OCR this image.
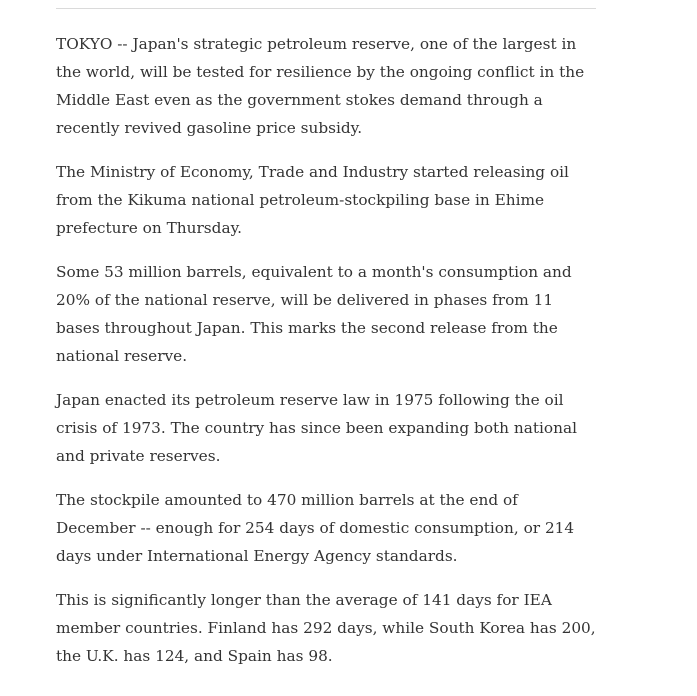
TOKYO -- Japan's strategic petroleum reserve, one of the largest in the world, will be tested for resilience by the ongoing conflict in the Middle East even as the government stokes demand through a recently revived gasoline price subsidy.

The Ministry of Economy, Trade and Industry started releasing oil from the Kikuma national petroleum-stockpiling base in Ehime prefecture on Thursday.

Some 53 million barrels, equivalent to a month's consumption and 20% of the national reserve, will be delivered in phases from 11 bases throughout Japan. This marks the second release from the national reserve.

Japan enacted its petroleum reserve law in 1975 following the oil crisis of 1973. The country has since been expanding both national and private reserves.

The stockpile amounted to 470 million barrels at the end of December -- enough for 254 days of domestic consumption, or 214 days under International Energy Agency standards.

This is significantly longer than the average of 141 days for IEA member countries. Finland has 292 days, while South Korea has 200, the U.K. has 124, and Spain has 98.
